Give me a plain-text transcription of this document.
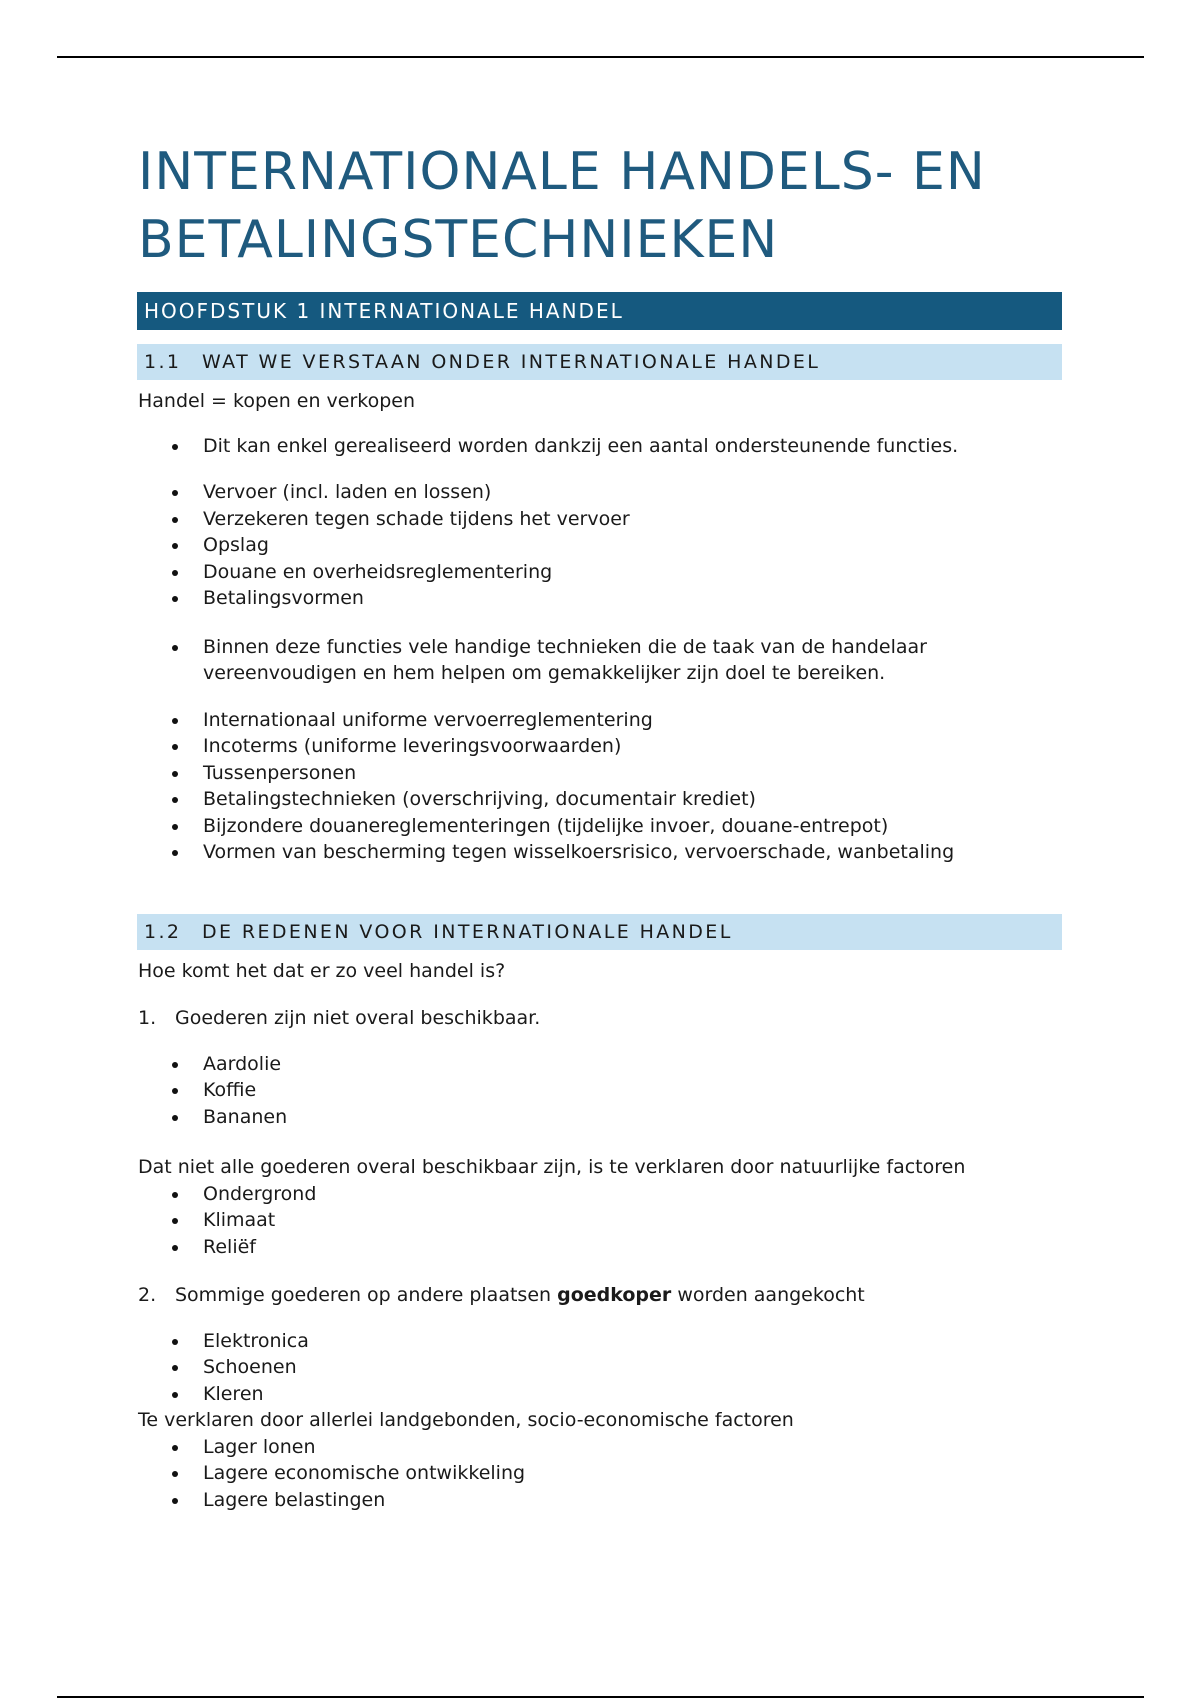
INTERNATIONALE HANDELS- EN
BETALINGSTECHNIEKEN
HOOFDSTUK 1 INTERNATIONALE HANDEL
1.1 WAT WE VERSTAAN ONDER INTERNATIONALE HANDEL

Handel = kopen en verkopen

Dit kan enkel gerealiseerd worden dankzij een aantal ondersteunende functies.
Vervoer (incl. laden en lossen)
Verzekeren tegen schade tijdens het vervoer
Opslag
Douane en overheidsreglementering
Betalingsvormen
Binnen deze functies vele handige technieken die de taak van de handelaar
vereenvoudigen en hem helpen om gemakkelijker zijn doel te bereiken.
Internationaal uniforme vervoerreglementering
Incoterms (uniforme leveringsvoorwaarden)
Tussenpersonen
Betalingstechnieken (overschrijving, documentair krediet)
Bijzondere douanereglementeringen (tijdelijke invoer, douane-entrepot)
Vormen van bescherming tegen wisselkoersrisico, vervoerschade, wanbetaling
1.2 DE REDENEN VOOR INTERNATIONALE HANDEL

Hoe komt het dat er zo veel handel is?

1. Goederen zijn niet overal beschikbaar.
Aardolie
Koffie
Bananen

Dat niet alle goederen overal beschikbaar zijn, is te verklaren door natuurlijke factoren

Ondergrond
Klimaat
Reliëf
2. Sommige goederen op andere plaatsen goedkoper worden aangekocht
Elektronica
Schoenen
Kleren

Te verklaren door allerlei landgebonden, socio-economische factoren

Lager lonen
Lagere economische ontwikkeling
Lagere belastingen
